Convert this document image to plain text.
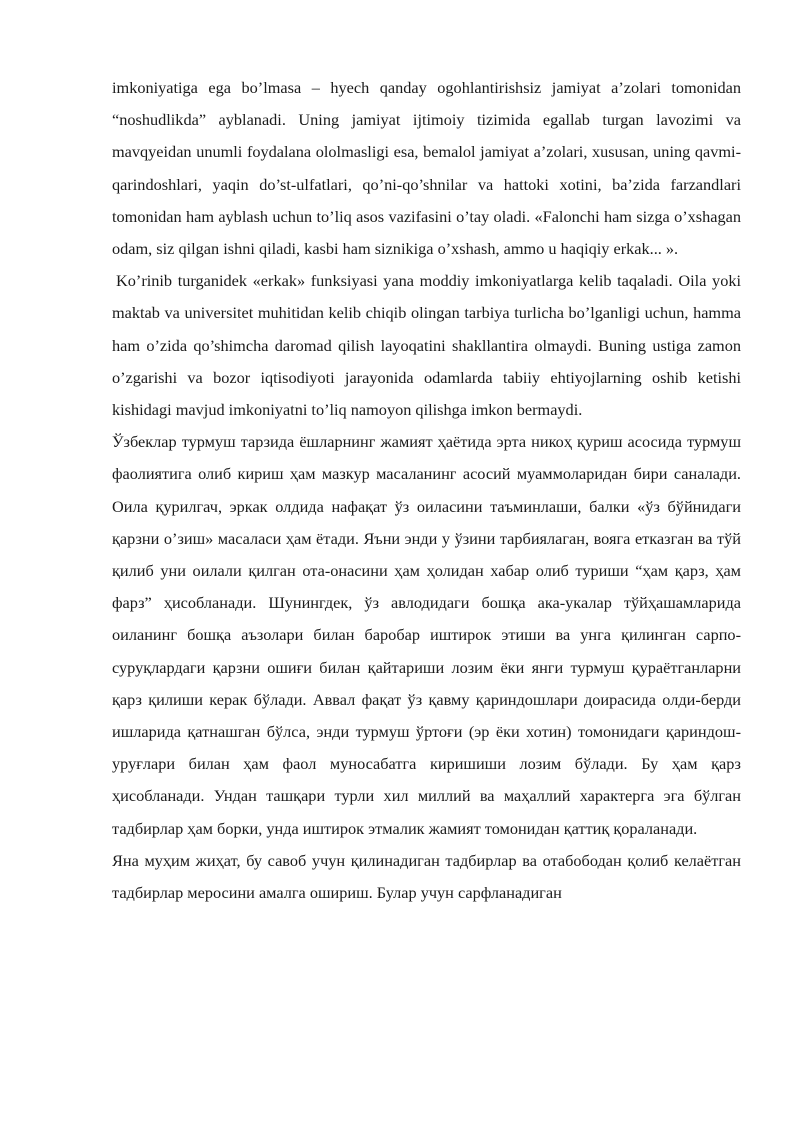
imkoniyatiga ega bo’lmasa – hyech qanday ogohlantirishsiz jamiyat a’zolari tomonidan “noshudlikda” ayblanadi. Uning jamiyat ijtimoiy tizimida egallab turgan lavozimi va mavqyeidan unumli foydalana ololmasligi esa, bemalol jamiyat a’zolari, xususan, uning qavmi-qarindoshlari, yaqin do’st-ulfatlari, qo’ni-qo’shnilar va hattoki xotini, ba’zida farzandlari tomonidan ham ayblash uchun to’liq asos vazifasini o’tay oladi. «Falonchi ham sizga o’xshagan odam, siz qilgan ishni qiladi, kasbi ham siznikiga o’xshash, ammo u haqiqiy erkak... ».

Ko’rinib turganidek «erkak» funksiyasi yana moddiy imkoniyatlarga kelib taqaladi. Oila yoki maktab va universitet muhitidan kelib chiqib olingan tarbiya turlicha bo’lganligi uchun, hamma ham o’zida qo’shimcha daromad qilish layoqatini shakllantira olmaydi. Buning ustiga zamon o’zgarishi va bozor iqtisodiyoti jarayonida odamlarda tabiiy ehtiyojlarning oshib ketishi kishidagi mavjud imkoniyatni to’liq namoyon qilishga imkon bermaydi.

Ўзбеклар турмуш тарзида ёшларнинг жамият ҳаётида эрта никоҳ қуриш асосида турмуш фаолиятига олиб кириш ҳам мазкур масаланинг асосий муаммоларидан бири саналади. Оила қурилгач, эркак олдида нафақат ўз оиласини таъминлаши, балки «ўз бўйнидаги қарзни о’зиш» масаласи ҳам ётади. Яъни энди у ўзини тарбиялаган, вояга етказган ва тўй қилиб уни оилали қилган ота-онасини ҳам ҳолидан хабар олиб туриши “ҳам қарз, ҳам фарз” ҳисобланади. Шунингдек, ўз авлодидаги бошқа ака-укалар тўйҳашамларида оиланинг бошқа аъзолари билан баробар иштирок этиши ва унга қилинган сарпо-суруқлардаги қарзни ошиғи билан қайтариши лозим ёки янги турмуш қураётганларни қарз қилиши керак бўлади. Аввал фақат ўз қавму қариндошлари доирасида олди-берди ишларида қатнашган бўлса, энди турмуш ўртоғи (эр ёки хотин) томонидаги қариндош-уруғлари билан ҳам фаол муносабатга киришиши лозим бўлади. Бу ҳам қарз ҳисобланади. Ундан ташқари турли хил миллий ва маҳаллий характерга эга бўлган тадбирлар ҳам борки, унда иштирок этмалик жамият томонидан қаттиқ қораланади.

Яна муҳим жиҳат, бу савоб учун қилинадиган тадбирлар ва отабободан қолиб келаётган тадбирлар меросини амалга ошириш. Булар учун сарфланадиган
